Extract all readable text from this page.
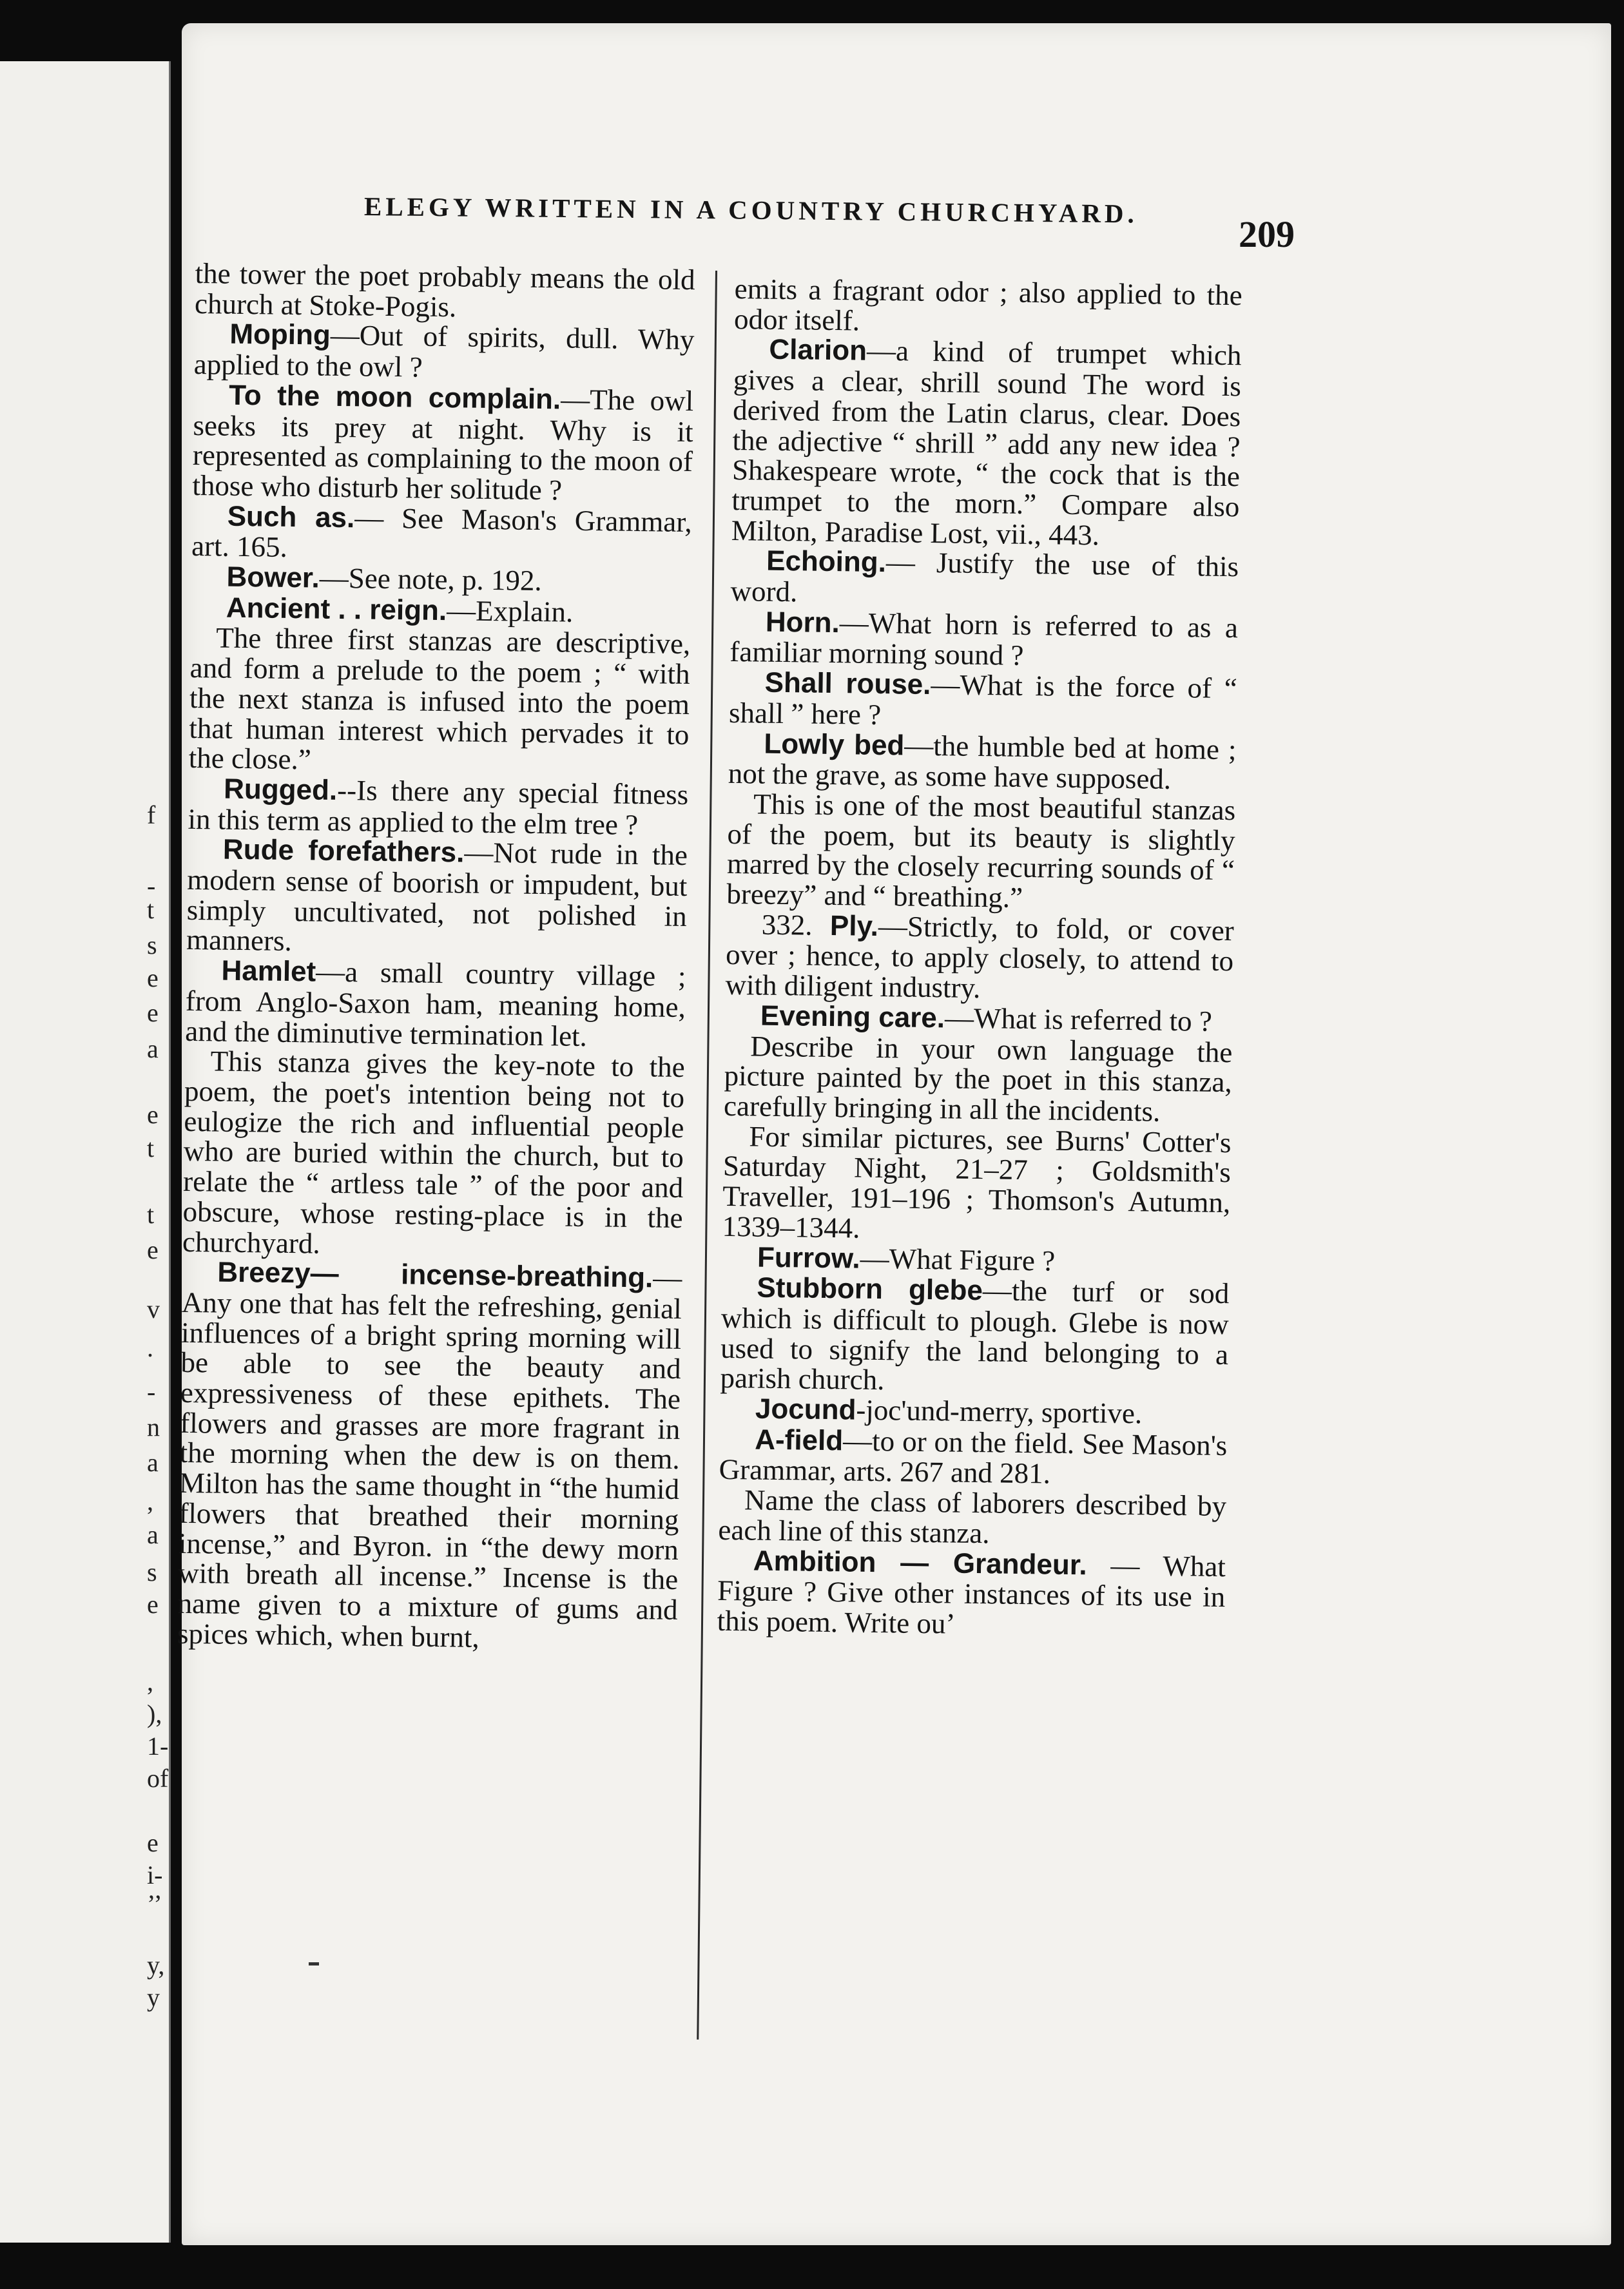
f
-
t
s
e
e
a
e
t
t
e
v
.
-
n
a
,
a
s
e
,
),
1-
of
e
i-
’’
y,
y
ELEGY WRITTEN IN A COUNTRY CHURCHYARD.
209

the tower the poet probably means the old church at Stoke-Pogis.

Moping—Out of spirits, dull. Why applied to the owl ?

To the moon complain.—The owl seeks its prey at night. Why is it represented as complaining to the moon of those who disturb her solitude ?

Such as.— See Mason's Grammar, art. 165.

Bower.—See note, p. 192.

Ancient . . reign.—Explain.

The three first stanzas are descriptive, and form a prelude to the poem ; “ with the next stanza is infused into the poem that human interest which pervades it to the close.”

Rugged.--Is there any special fitness in this term as applied to the elm tree ?

Rude forefathers.—Not rude in the modern sense of boorish or impudent, but simply uncultivated, not polished in manners.

Hamlet—a small country village ; from Anglo-Saxon ham, meaning home, and the diminutive termination let.

This stanza gives the key-note to the poem, the poet's intention being not to eulogize the rich and influential people who are buried within the church, but to relate the “ artless tale ” of the poor and obscure, whose resting-place is in the churchyard.

Breezy— incense-breathing.— Any one that has felt the refreshing, genial influences of a bright spring morning will be able to see the beauty and expressiveness of these epithets. The flowers and grasses are more fragrant in the morning when the dew is on them. Milton has the same thought in “the humid flowers that breathed their morning incense,” and Byron. in “the dewy morn with breath all incense.” Incense is the name given to a mixture of gums and spices which, when burnt,

emits a fragrant odor ; also applied to the odor itself.

Clarion—a kind of trumpet which gives a clear, shrill sound The word is derived from the Latin clarus, clear. Does the adjective “ shrill ” add any new idea ? Shakespeare wrote, “ the cock that is the trumpet to the morn.” Compare also Milton, Paradise Lost, vii., 443.

Echoing.— Justify the use of this word.

Horn.—What horn is referred to as a familiar morning sound ?

Shall rouse.—What is the force of “ shall ” here ?

Lowly bed—the humble bed at home ; not the grave, as some have supposed.

This is one of the most beautiful stanzas of the poem, but its beauty is slightly marred by the closely recurring sounds of “ breezy” and “ breathing.”

332. Ply.—Strictly, to fold, or cover over ; hence, to apply closely, to attend to with diligent industry.

Evening care.—What is referred to ?

Describe in your own language the picture painted by the poet in this stanza, carefully bringing in all the incidents.

For similar pictures, see Burns' Cotter's Saturday Night, 21–27 ; Goldsmith's Traveller, 191–196 ; Thomson's Autumn, 1339–1344.

Furrow.—What Figure ?

Stubborn glebe—the turf or sod which is difficult to plough. Glebe is now used to signify the land belonging to a parish church.

Jocund-joc'und-merry, sportive.

A-field—to or on the field. See Mason's Grammar, arts. 267 and 281.

Name the class of laborers described by each line of this stanza.

Ambition — Grandeur. — What Figure ? Give other instances of its use in this poem. Write ou’
